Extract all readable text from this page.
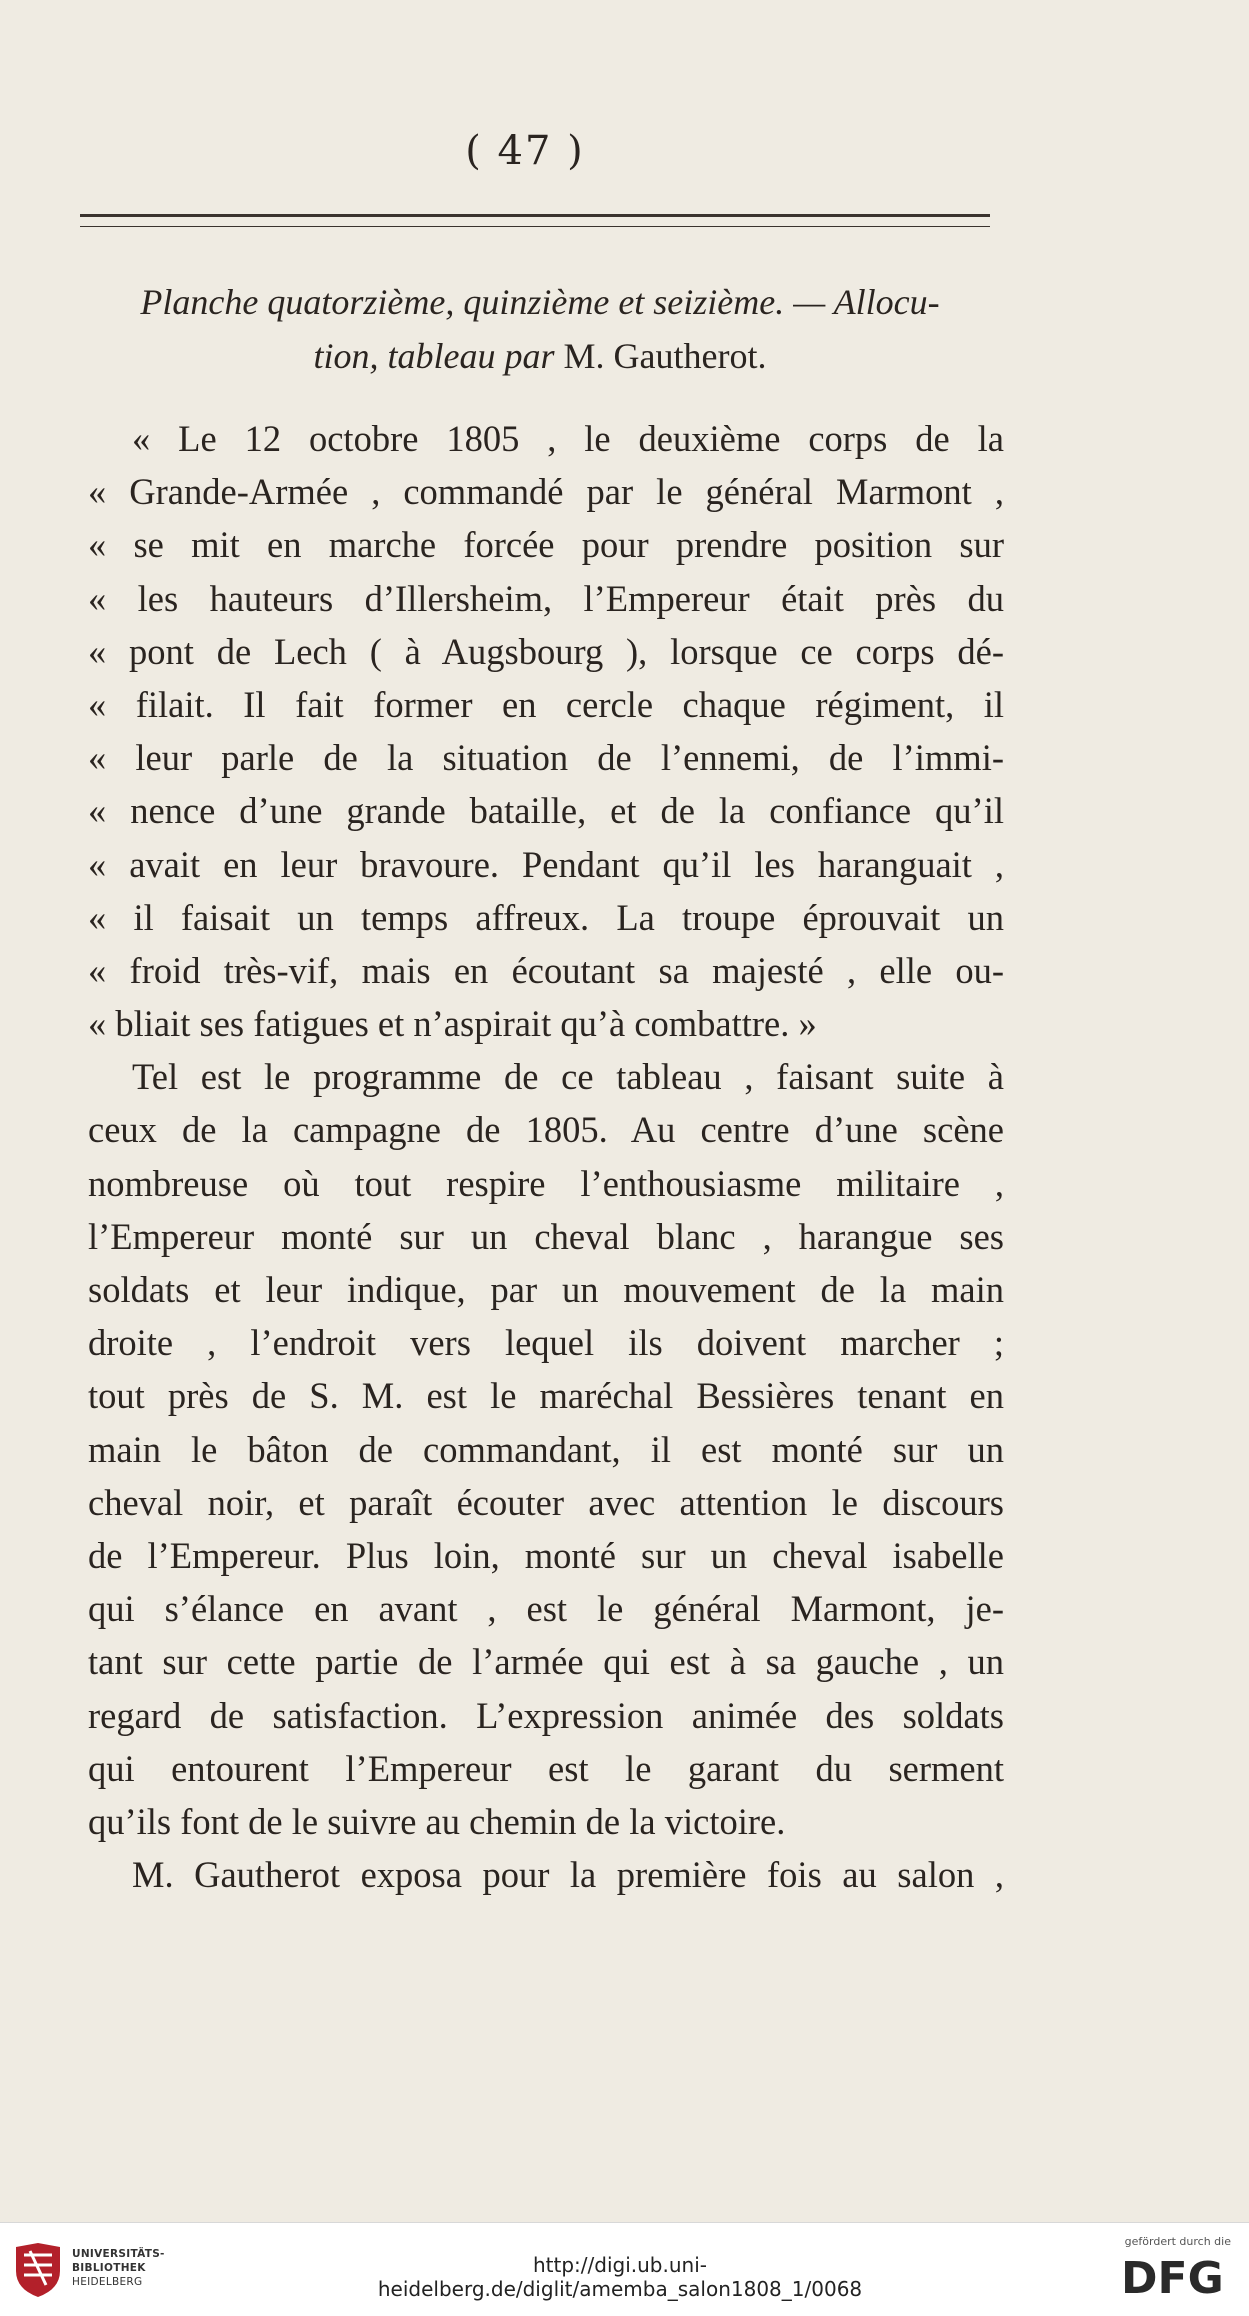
( 47 )
Planche quatorzième, quinzième et seizième. — Allocu-
tion, tableau par M. Gautherot.
« Le 12 octobre 1805 , le deuxième corps de la
« Grande-Armée , commandé par le général Marmont ,
« se mit en marche forcée pour prendre position sur
« les hauteurs d’Illersheim, l’Empereur était près du
« pont de Lech ( à Augsbourg ), lorsque ce corps dé-
« filait. Il fait former en cercle chaque régiment, il
« leur parle de la situation de l’ennemi, de l’immi-
« nence d’une grande bataille, et de la confiance qu’il
« avait en leur bravoure. Pendant qu’il les haranguait ,
« il faisait un temps affreux. La troupe éprouvait un
« froid très-vif, mais en écoutant sa majesté , elle ou-
« bliait ses fatigues et n’aspirait qu’à combattre. »
Tel est le programme de ce tableau , faisant suite à
ceux de la campagne de 1805. Au centre d’une scène
nombreuse où tout respire l’enthousiasme militaire ,
l’Empereur monté sur un cheval blanc , harangue ses
soldats et leur indique, par un mouvement de la main
droite , l’endroit vers lequel ils doivent marcher ;
tout près de S. M. est le maréchal Bessières tenant en
main le bâton de commandant, il est monté sur un
cheval noir, et paraît écouter avec attention le discours
de l’Empereur. Plus loin, monté sur un cheval isabelle
qui s’élance en avant , est le général Marmont, je-
tant sur cette partie de l’armée qui est à sa gauche , un
regard de satisfaction. L’expression animée des soldats
qui entourent l’Empereur est le garant du serment
qu’ils font de le suivre au chemin de la victoire.
M. Gautherot exposa pour la première fois au salon ,
UNIVERSITÄTS-
BIBLIOTHEK
HEIDELBERG
http://digi.ub.uni-heidelberg.de/diglit/amemba_salon1808_1/0068
gefördert durch die
DFG
